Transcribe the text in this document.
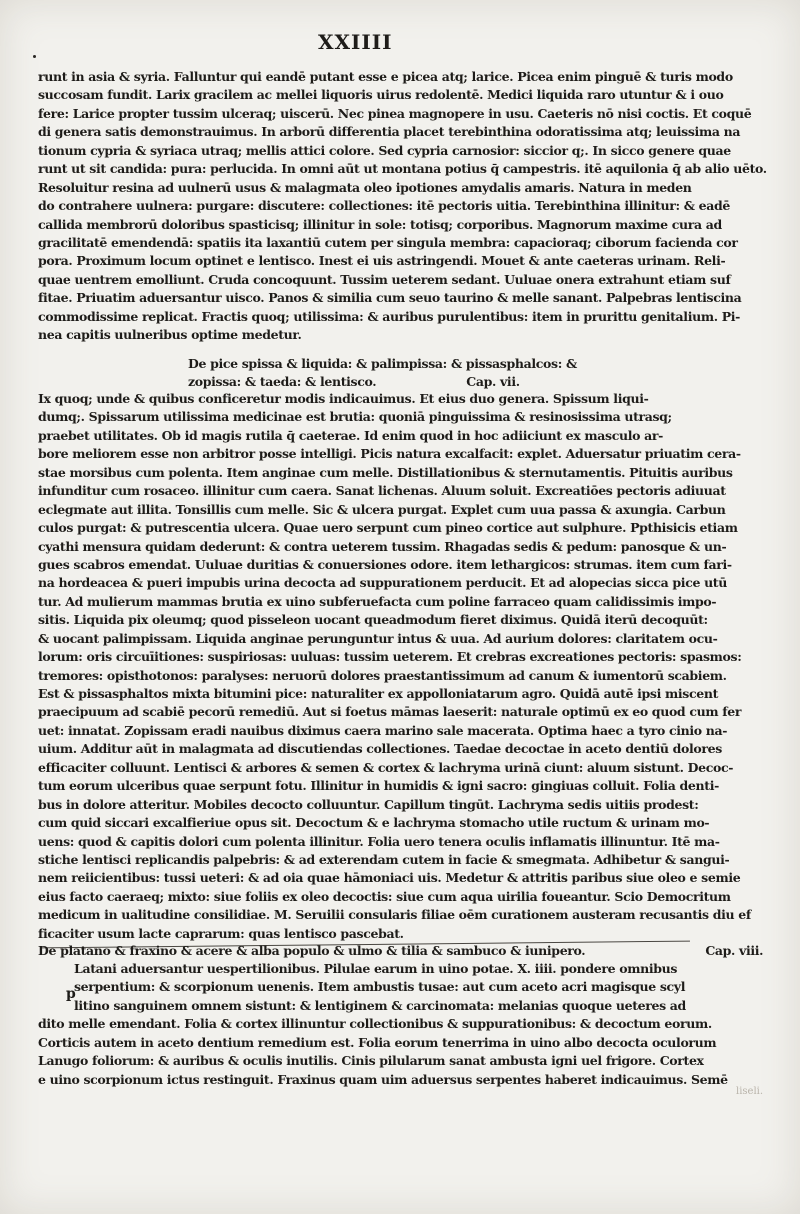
XXIIII
runt in asia & syria. Falluntur qui eandē putant esse e picea atq; larice. Picea enim pinguē & turis modo
succosam fundit. Larix gracilem ac mellei liquoris uirus redolentē. Medici liquida raro utuntur & i ouo
fere: Larice propter tussim ulceraq; uiscerū. Nec pinea magnopere in usu. Caeteris nō nisi coctis. Et coquē
di genera satis demonstrauimus. In arborū differentia placet terebinthina odoratissima atq; leuissima na
tionum cypria & syriaca utraq; mellis attici colore. Sed cypria carnosior: siccior q;. In sicco genere quae
runt ut sit candida: pura: perlucida. In omni aūt ut montana potius q̄ campestris. itē aquilonia q̄ ab alio uēto.
Resoluitur resina ad uulnerū usus & malagmata oleo ipotiones amydalis amaris. Natura in meden
do contrahere uulnera: purgare: discutere: collectiones: itē pectoris uitia. Terebinthina illinitur: & eadē
callida membrorū doloribus spasticisq; illinitur in sole: totisq; corporibus. Magnorum maxime cura ad
gracilitatē emendendā: spatiis ita laxantiū cutem per singula membra: capacioraq; ciborum facienda cor
pora. Proximum locum optinet e lentisco. Inest ei uis astringendi. Mouet & ante caeteras urinam. Reli-
quae uentrem emolliunt. Cruda concoquunt. Tussim ueterem sedant. Uuluae onera extrahunt etiam suf
fitae. Priuatim aduersantur uisco. Panos & similia cum seuo taurino & melle sanant. Palpebras lentiscina
commodissime replicat. Fractis quoq; utilissima: & auribus purulentibus: item in prurittu genitalium. Pi-
nea capitis uulneribus optime medetur.
De pice spissa & liquida: & palimpissa: & pissasphalcos: &
zopissa: & taeda: & lentisco.	Cap. vii.
Ix quoq; unde & quibus conficeretur modis indicauimus. Et eius duo genera. Spissum liqui-
dumq;. Spissarum utilissima medicinae est brutia: quoniā pinguissima & resinosissima utrasq;
praebet utilitates. Ob id magis rutila q̄ caeterae. Id enim quod in hoc adiiciunt ex masculo ar-
bore meliorem esse non arbitror posse intelligi. Picis natura excalfacit: explet. Aduersatur priuatim cera-
stae morsibus cum polenta. Item anginae cum melle. Distillationibus & sternutamentis. Pituitis auribus
infunditur cum rosaceo. illinitur cum caera. Sanat lichenas. Aluum soluit. Excreatiōes pectoris adiuuat
eclegmate aut illita. Tonsillis cum melle. Sic & ulcera purgat. Explet cum uua passa & axungia. Carbun
culos purgat: & putrescentia ulcera. Quae uero serpunt cum pineo cortice aut sulphure. Ppthisicis etiam
cyathi mensura quidam dederunt: & contra ueterem tussim. Rhagadas sedis & pedum: panosque & un-
gues scabros emendat. Uuluae duritias & conuersiones odore. item lethargicos: strumas. item cum fari-
na hordeacea & pueri impubis urina decocta ad suppurationem perducit. Et ad alopecias sicca pice utū
tur. Ad mulierum mammas brutia ex uino subferuefacta cum poline farraceo quam calidissimis impo-
sitis. Liquida pix oleumq; quod pisseleon uocant queadmodum fieret diximus. Quidā iterū decoquūt:
& uocant palimpissam. Liquida anginae perunguntur intus & uua. Ad aurium dolores: claritatem ocu-
lorum: oris circuīitiones: suspiriosas: uuluas: tussim ueterem. Et crebras excreationes pectoris: spasmos:
tremores: opisthotonos: paralyses: neruorū dolores praestantissimum ad canum & iumentorū scabiem.
Est & pissasphaltos mixta bitumini pice: naturaliter ex appolloniatarum agro. Quidā autē ipsi miscent
praecipuum ad scabiē pecorū remediū. Aut si foetus māmas laeserit: naturale optimū ex eo quod cum fer
uet: innatat. Zopissam eradi nauibus diximus caera marino sale macerata. Optima haec a tyro cinio na-
uium. Additur aūt in malagmata ad discutiendas collectiones. Taedae decoctae in aceto dentiū dolores
efficaciter colluunt. Lentisci & arbores & semen & cortex & lachryma urinā ciunt: aluum sistunt. Decoc-
tum eorum ulceribus quae serpunt fotu. Illinitur in humidis & igni sacro: gingiuas colluit. Folia denti-
bus in dolore atteritur. Mobiles decocto colluuntur. Capillum tingūt. Lachryma sedis uitiis prodest:
cum quid siccari excalfieriue opus sit. Decoctum & e lachryma stomacho utile ructum & urinam mo-
uens: quod & capitis dolori cum polenta illinitur. Folia uero tenera oculis inflamatis illinuntur. Itē ma-
stiche lentisci replicandis palpebris: & ad exterendam cutem in facie & smegmata. Adhibetur & sangui-
nem reiicientibus: tussi ueteri: & ad oia quae hāmoniaci uis. Medetur & attritis paribus siue oleo e semie
eius facto caeraeq; mixto: siue foliis ex oleo decoctis: siue cum aqua uirilia foueantur. Scio Democritum
medicum in ualitudine consilidiae. M. Seruilii consularis filiae oēm curationem austeram recusantis diu ef
ficaciter usum lacte caprarum: quas lentisco pascebat.
De platano & fraxino & acere & alba populo & ulmo & tilia & sambuco & iunipero.	Cap. viii.
p
Latani aduersantur uespertilionibus. Pilulae earum in uino potae. X. iiii. pondere omnibus
serpentium: & scorpionum uenenis. Item ambustis tusae: aut cum aceto acri magisque scyl
litino sanguinem omnem sistunt: & lentiginem & carcinomata: melanias quoque ueteres ad
dito melle emendant. Folia & cortex illinuntur collectionibus & suppurationibus: & decoctum eorum.
Corticis autem in aceto dentium remedium est. Folia eorum tenerrima in uino albo decocta oculorum
Lanugo foliorum: & auribus & oculis inutilis. Cinis pilularum sanat ambusta igni uel frigore. Cortex
e uino scorpionum ictus restinguit. Fraxinus quam uim aduersus serpentes haberet indicauimus. Semē
liseli.
